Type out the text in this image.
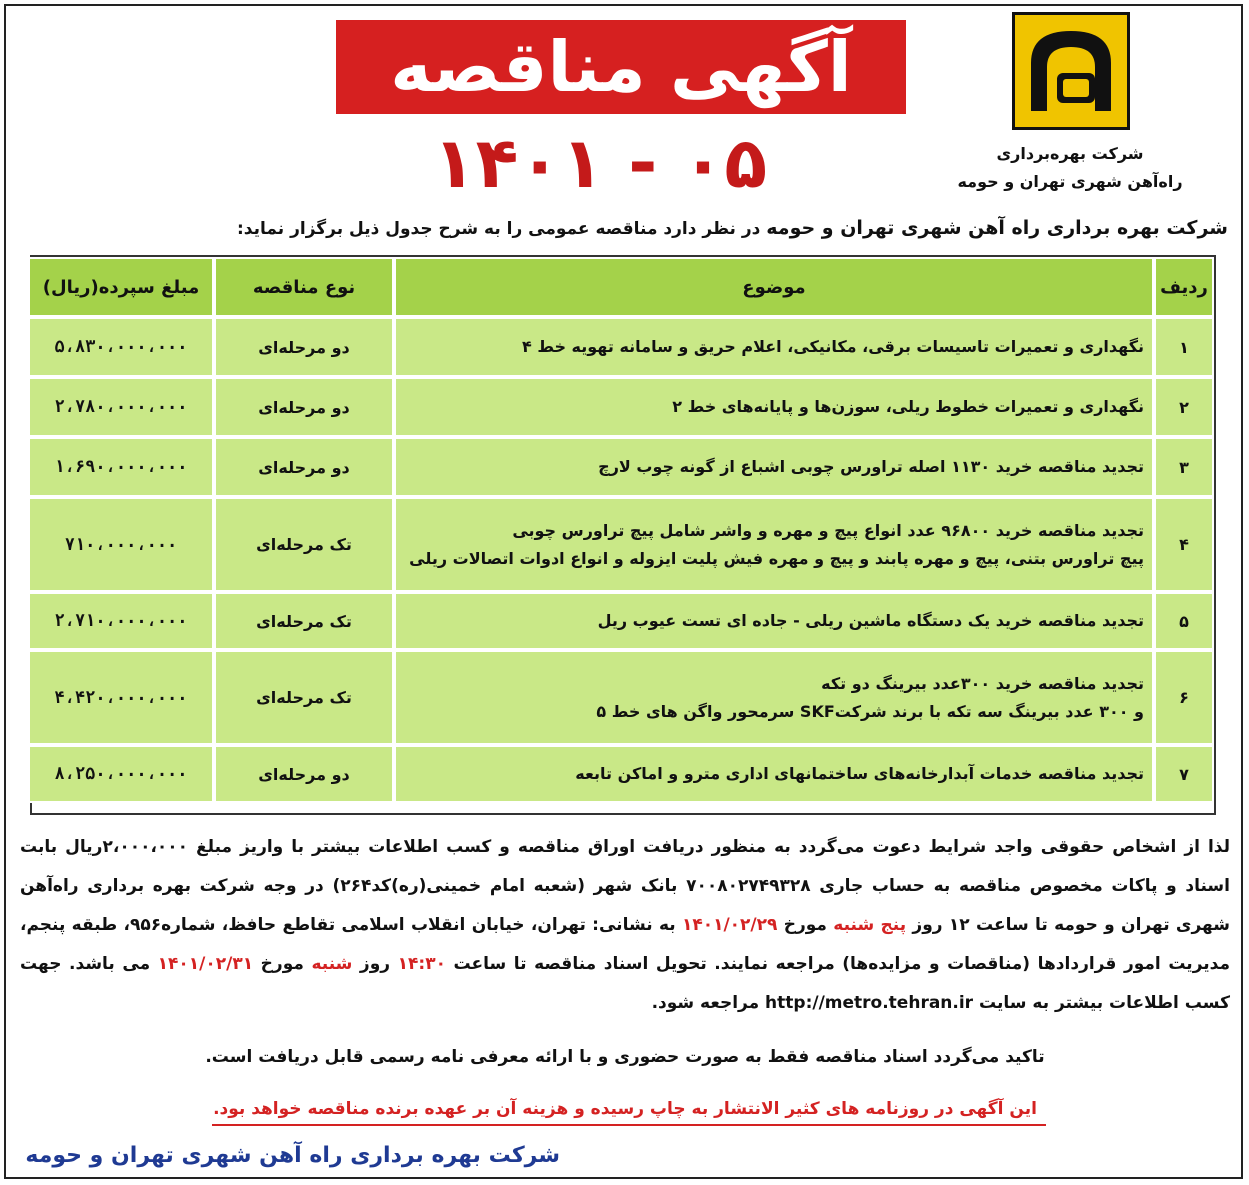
شرکت بهره‌برداری
راه‌آهن شهری تهران و حومه
آگهی مناقصه
۱۴۰۱ - ۰۵
شرکت بهره برداری راه آهن شهری تهران و حومه در نظر دارد مناقصه عمومی را به شرح جدول ذیل برگزار نماید:
ردیف
موضوع
نوع مناقصه
مبلغ سپرده(ریال)
۱
نگهداری و تعمیرات تاسیسات برقی، مکانیکی، اعلام حریق و سامانه تهویه خط ۴
دو مرحله‌ای
۵،۸۳۰،۰۰۰،۰۰۰
۲
نگهداری و تعمیرات خطوط ریلی، سوزن‌ها و پایانه‌های خط ۲
دو مرحله‌ای
۲،۷۸۰،۰۰۰،۰۰۰
۳
تجدید مناقصه خرید ۱۱۳۰ اصله تراورس چوبی اشباع از گونه چوب لارچ
دو مرحله‌ای
۱،۶۹۰،۰۰۰،۰۰۰
۴
تجدید مناقصه خرید ۹۶۸۰۰ عدد انواع پیچ و مهره و واشر شامل پیچ تراورس چوبی
پیچ تراورس بتنی، پیچ و مهره پابند و پیچ و مهره فیش پلیت ایزوله و انواع ادوات اتصالات ریلی
تک مرحله‌ای
۷۱۰،۰۰۰،۰۰۰
۵
تجدید مناقصه خرید یک دستگاه ماشین ریلی - جاده ای تست عیوب ریل
تک مرحله‌ای
۲،۷۱۰،۰۰۰،۰۰۰
۶
تجدید مناقصه خرید ۳۰۰عدد بیرینگ دو تکه
و ۳۰۰ عدد بیرینگ سه تکه با برند شرکتSKF سرمحور واگن های خط ۵
تک مرحله‌ای
۴،۴۲۰،۰۰۰،۰۰۰
۷
تجدید مناقصه خدمات آبدارخانه‌های ساختمانهای اداری مترو و اماکن تابعه
دو مرحله‌ای
۸،۲۵۰،۰۰۰،۰۰۰
لذا از اشخاص حقوقی واجد شرایط دعوت می‌گردد به منظور دریافت اوراق مناقصه و کسب اطلاعات بیشتر با واریز مبلغ ۲،۰۰۰،۰۰۰ریال بابت اسناد و پاکات مخصوص مناقصه به حساب جاری ۷۰۰۸۰۲۷۴۹۳۲۸ بانک شهر (شعبه امام خمینی(ره)کد۲۶۴) در وجه شرکت بهره برداری راه‌آهن شهری تهران و حومه تا ساعت ۱۲ روز پنج شنبه مورخ ۱۴۰۱/۰۲/۲۹ به نشانی: تهران، خیابان انقلاب اسلامی تقاطع حافظ، شماره۹۵۶، طبقه پنجم، مدیریت امور قراردادها (مناقصات و مزایده‌ها) مراجعه نمایند. تحویل اسناد مناقصه تا ساعت ۱۴:۳۰ روز شنبه مورخ ۱۴۰۱/۰۲/۳۱ می باشد. جهت کسب اطلاعات بیشتر به سایت http://metro.tehran.ir مراجعه شود.
تاکید می‌گردد اسناد مناقصه فقط به صورت حضوری و با ارائه معرفی نامه رسمی قابل دریافت است.
این آگهی در روزنامه های کثیر الانتشار به چاپ رسیده و هزینه آن بر عهده برنده مناقصه خواهد بود.
شرکت بهره برداری راه آهن شهری تهران و حومه
